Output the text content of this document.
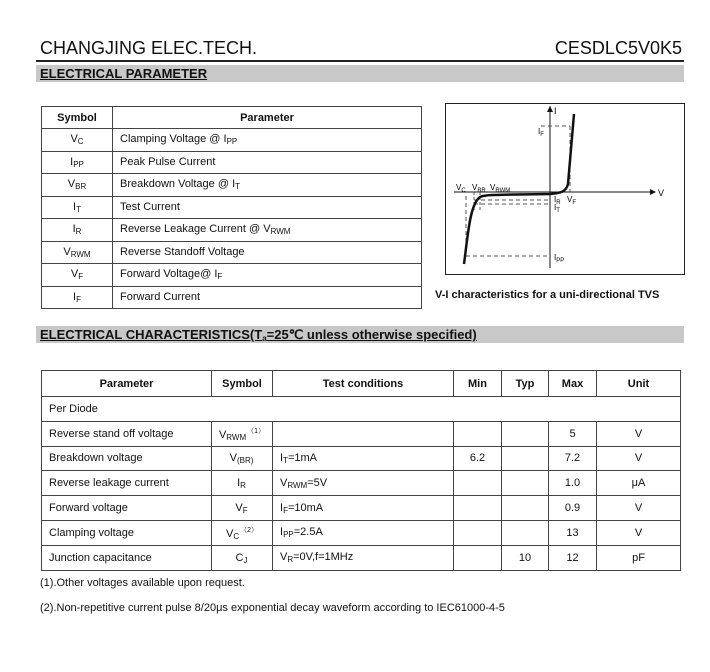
CHANGJING ELEC.TECH.	CESDLC5V0K5
ELECTRICAL PARAMETER
Symbol	Parameter
$V_C$	Clamping Voltage @ $I_{PP}$
$I_{PP}$	Peak Pulse Current
$V_{BR}$	Breakdown Voltage @ $I_T$
$I_T$	Test Current
$I_R$	Reverse Leakage Current @ $V_{RWM}$
$V_{RWM}$	Reverse Standoff Voltage
$V_F$	Forward Voltage@ $I_F$
$I_F$	Forward Current
I
V
$I_F$
$V_C$ $V_{BR}$ $V_{RWM}$
$I_R$
$I_T$
$V_F$
$I_{PP}$
V-I characteristics for a uni-directional TVS
ELECTRICAL $CHARACTERISTICS(T_a=25℃$ unless otherwise specified)
Parameter	Symbol	Test conditions	Min	Typ	Max	Unit
Per Diode						
Reverse stand off voltage	$V_{RWM}^{(1)}$				5	V
Breakdown voltage	$V_{(BR)}$	$I_T=1mA$	6.2		7.2	V
Reverse leakage current	$I_R$	$V_{RWM}=5V$			1.0	μA
Forward voltage	$V_F$	$I_F=10mA$			0.9	V
Clamping voltage	$V_C^{(2)}$	$I_{PP}=2.5A$			13	V
Junction capacitance	$C_J$	$V_R=0V,f=1MHz$		10	12	pF
(1).Other voltages available upon request.
(2).Non-repetitive current pulse 8/20μs exponential decay waveform according to IEC61000-4-5
